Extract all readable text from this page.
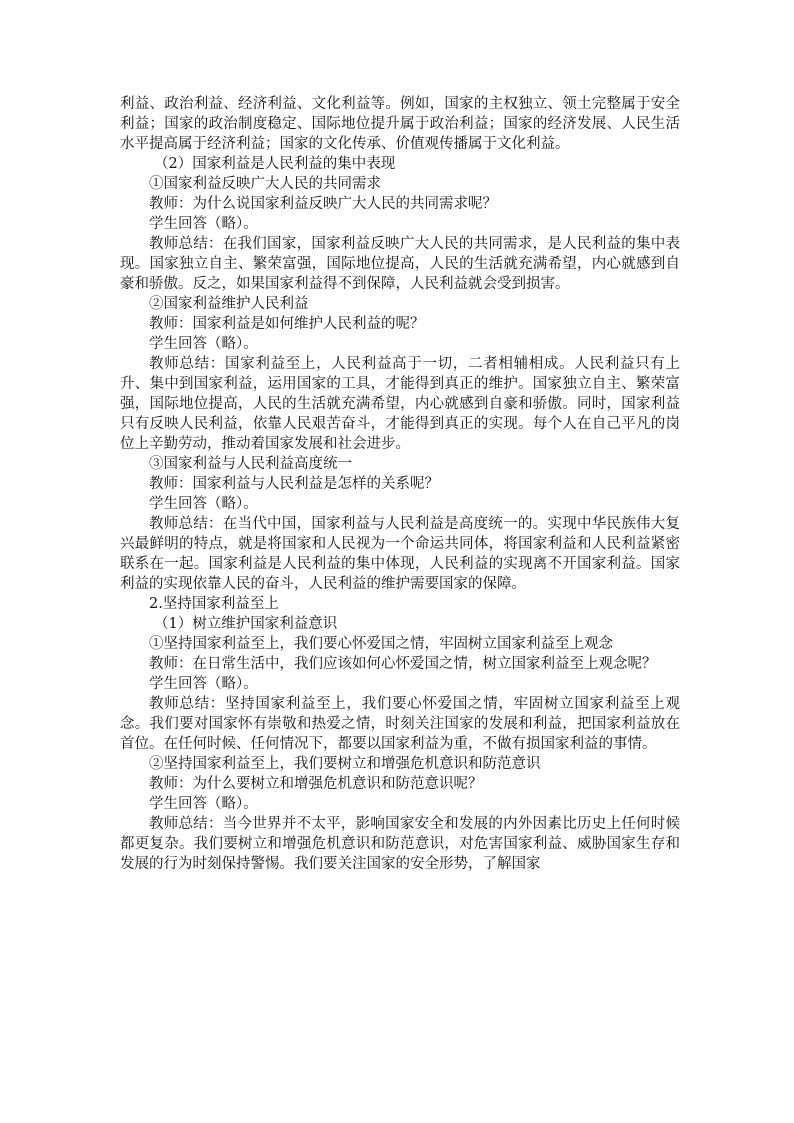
利益、政治利益、经济利益、文化利益等。例如，国家的主权独立、领土完整属于安全利益；国家的政治制度稳定、国际地位提升属于政治利益；国家的经济发展、人民生活水平提高属于经济利益；国家的文化传承、价值观传播属于文化利益。

（2）国家利益是人民利益的集中表现

①国家利益反映广大人民的共同需求

教师：为什么说国家利益反映广大人民的共同需求呢？

学生回答（略）。

教师总结：在我们国家，国家利益反映广大人民的共同需求，是人民利益的集中表现。国家独立自主、繁荣富强，国际地位提高，人民的生活就充满希望，内心就感到自豪和骄傲。反之，如果国家利益得不到保障，人民利益就会受到损害。

②国家利益维护人民利益

教师：国家利益是如何维护人民利益的呢？

学生回答（略）。

教师总结：国家利益至上，人民利益高于一切，二者相辅相成。人民利益只有上升、集中到国家利益，运用国家的工具，才能得到真正的维护。国家独立自主、繁荣富强，国际地位提高，人民的生活就充满希望，内心就感到自豪和骄傲。同时，国家利益只有反映人民利益，依靠人民艰苦奋斗，才能得到真正的实现。每个人在自己平凡的岗位上辛勤劳动，推动着国家发展和社会进步。

③国家利益与人民利益高度统一

教师：国家利益与人民利益是怎样的关系呢？

学生回答（略）。

教师总结：在当代中国，国家利益与人民利益是高度统一的。实现中华民族伟大复兴最鲜明的特点，就是将国家和人民视为一个命运共同体，将国家利益和人民利益紧密联系在一起。国家利益是人民利益的集中体现，人民利益的实现离不开国家利益。国家利益的实现依靠人民的奋斗，人民利益的维护需要国家的保障。

2.坚持国家利益至上

（1）树立维护国家利益意识

①坚持国家利益至上，我们要心怀爱国之情，牢固树立国家利益至上观念

教师：在日常生活中，我们应该如何心怀爱国之情，树立国家利益至上观念呢？

学生回答（略）。

教师总结：坚持国家利益至上，我们要心怀爱国之情，牢固树立国家利益至上观念。我们要对国家怀有崇敬和热爱之情，时刻关注国家的发展和利益，把国家利益放在首位。在任何时候、任何情况下，都要以国家利益为重，不做有损国家利益的事情。

②坚持国家利益至上，我们要树立和增强危机意识和防范意识

教师：为什么要树立和增强危机意识和防范意识呢？

学生回答（略）。

教师总结：当今世界并不太平，影响国家安全和发展的内外因素比历史上任何时候都更复杂。我们要树立和增强危机意识和防范意识，对危害国家利益、威胁国家生存和发展的行为时刻保持警惕。我们要关注国家的安全形势，了解国家
